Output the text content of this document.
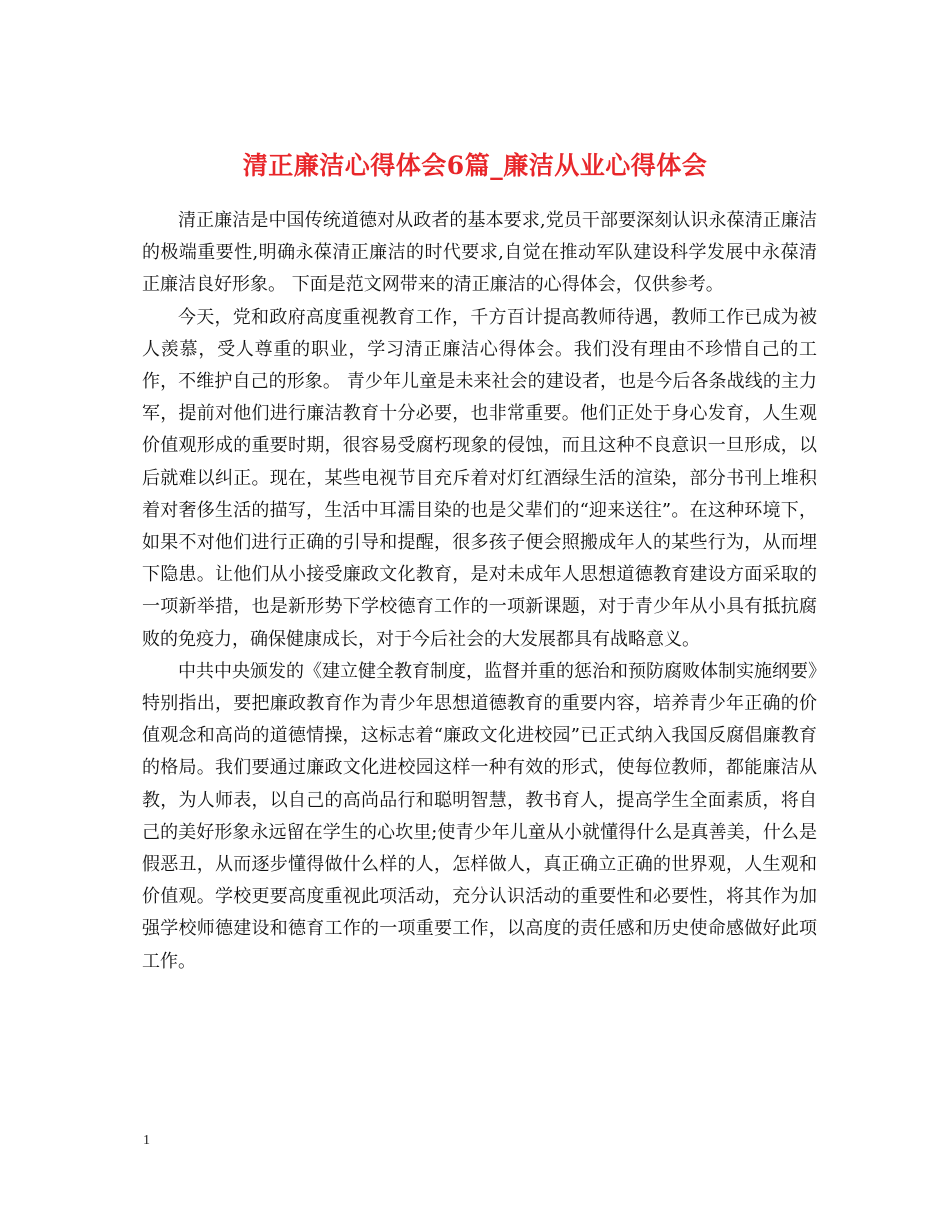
清正廉洁心得体会6篇_廉洁从业心得体会

清正廉洁是中国传统道德对从政者的基本要求,党员干部要深刻认识永葆清正廉洁的极端重要性,明确永葆清正廉洁的时代要求,自觉在推动军队建设科学发展中永葆清正廉洁良好形象。 下面是范文网带来的清正廉洁的心得体会，仅供参考。

今天，党和政府高度重视教育工作，千方百计提高教师待遇，教师工作已成为被人羡慕，受人尊重的职业，学习清正廉洁心得体会。我们没有理由不珍惜自己的工作，不维护自己的形象。 青少年儿童是未来社会的建设者，也是今后各条战线的主力军，提前对他们进行廉洁教育十分必要，也非常重要。他们正处于身心发育，人生观价值观形成的重要时期，很容易受腐朽现象的侵蚀，而且这种不良意识一旦形成，以后就难以纠正。现在，某些电视节目充斥着对灯红酒绿生活的渲染，部分书刊上堆积着对奢侈生活的描写，生活中耳濡目染的也是父辈们的“迎来送往”。在这种环境下，如果不对他们进行正确的引导和提醒，很多孩子便会照搬成年人的某些行为，从而埋下隐患。让他们从小接受廉政文化教育，是对未成年人思想道德教育建设方面采取的一项新举措，也是新形势下学校德育工作的一项新课题，对于青少年从小具有抵抗腐败的免疫力，确保健康成长，对于今后社会的大发展都具有战略意义。

中共中央颁发的《建立健全教育制度，监督并重的惩治和预防腐败体制实施纲要》特别指出，要把廉政教育作为青少年思想道德教育的重要内容，培养青少年正确的价值观念和高尚的道德情操，这标志着“廉政文化进校园”已正式纳入我国反腐倡廉教育的格局。我们要通过廉政文化进校园这样一种有效的形式，使每位教师，都能廉洁从教，为人师表，以自己的高尚品行和聪明智慧，教书育人，提高学生全面素质，将自己的美好形象永远留在学生的心坎里;使青少年儿童从小就懂得什么是真善美，什么是假恶丑，从而逐步懂得做什么样的人，怎样做人，真正确立正确的世界观，人生观和价值观。学校更要高度重视此项活动，充分认识活动的重要性和必要性，将其作为加强学校师德建设和德育工作的一项重要工作，以高度的责任感和历史使命感做好此项工作。

1
